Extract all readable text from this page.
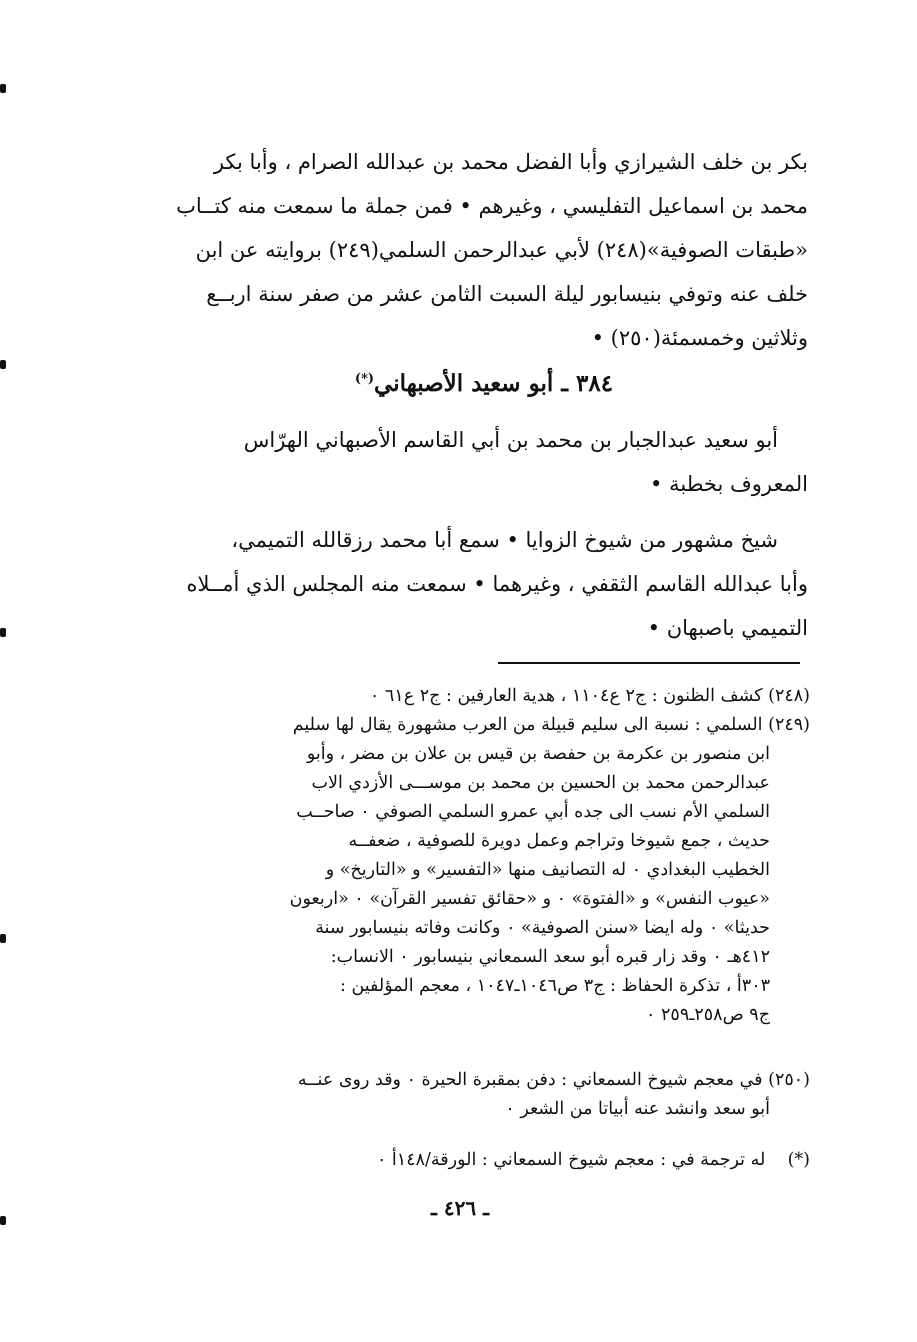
بكر بن خلف الشيرازي وأبا الفضل محمد بن عبدالله الصرام ، وأبا بكر

محمد بن اسماعيل التفليسي ، وغيرهم • فمن جملة ما سمعت منه كتــاب

«طبقات الصوفية»(٢٤٨) لأبي عبدالرحمن السلمي(٢٤٩) بروايته عن ابن

خلف عنه وتوفي بنيسابور ليلة السبت الثامن عشر من صفر سنة اربــع

وثلاثين وخمسمئة(٢٥٠) •

٣٨٤ ـ أبو سعيد الأصبهاني(*)

أبو سعيد عبدالجبار بن محمد بن أبي القاسم الأصبهاني الهرّاس

المعروف بخطبة •

شيخ مشهور من شيوخ الزوايا • سمع أبا محمد رزقالله التميمي،

وأبا عبدالله القاسم الثقفي ، وغيرهما • سمعت منه المجلس الذي أمــلاه

التميمي باصبهان •

(٢٤٨) كشف الظنون : ج٢ ع١١٠٤ ، هدية العارفين : ج٢ ع٦١ ٠

(٢٤٩) السلمي : نسبة الى سليم قبيلة من العرب مشهورة يقال لها سليم

ابن منصور بن عكرمة بن حفصة بن قيس بن علان بن مضر ، وأبو

عبدالرحمن محمد بن الحسين بن محمد بن موســـى الأزدي الاب

السلمي الأم نسب الى جده أبي عمرو السلمي الصوفي ٠ صاحــب

حديث ، جمع شيوخا وتراجم وعمل دويرة للصوفية ، ضعفــه

الخطيب البغدادي ٠ له التصانيف منها «التفسير» و «التاريخ» و

«عيوب النفس» و «الفتوة» ٠ و «حقائق تفسير القرآن» ٠ «اربعون

حديثا» ٠ وله ايضا «سنن الصوفية» ٠ وكانت وفاته بنيسابور سنة

٤١٢هـ ٠ وقد زار قبره أبو سعد السمعاني بنيسابور ٠ الانساب:

٣٠٣أ ، تذكرة الحفاظ : ج٣ ص١٠٤٦ـ١٠٤٧ ، معجم المؤلفين :

ج٩ ص٢٥٨ـ٢٥٩ ٠

(٢٥٠) في معجم شيوخ السمعاني : دفن بمقبرة الحيرة ٠ وقد روى عنــه

أبو سعد وانشد عنه أبياتا من الشعر ٠

(*)    له ترجمة في : معجم شيوخ السمعاني : الورقة/١٤٨أ ٠

ـ ٤٢٦ ـ
